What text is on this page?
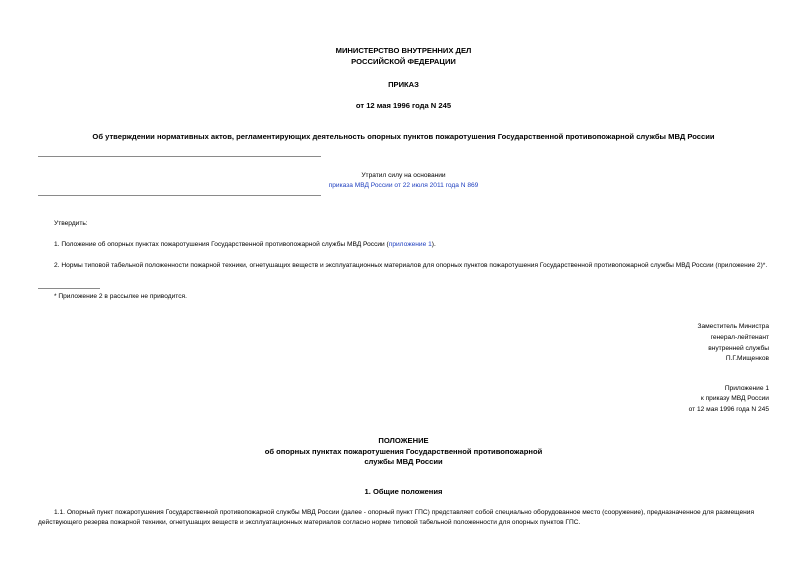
МИНИСТЕРСТВО ВНУТРЕННИХ ДЕЛ
РОССИЙСКОЙ ФЕДЕРАЦИИ
ПРИКАЗ
от 12 мая 1996 года N 245
Об утверждении нормативных актов, регламентирующих деятельность опорных пунктов пожаротушения Государственной противопожарной службы МВД России
Утратил силу на основании
приказа МВД России от 22 июля 2011 года N 869
Утвердить:
1. Положение об опорных пунктах пожаротушения Государственной противопожарной службы МВД России (приложение 1).
2. Нормы типовой табельной положенности пожарной техники, огнетушащих веществ и эксплуатационных материалов для опорных пунктов пожаротушения Государственной противопожарной службы МВД России (приложение 2)*.
* Приложение 2 в рассылке не приводится.
Заместитель Министра
генерал-лейтенант
внутренней службы
П.Г.Мищенков
Приложение 1
к приказу МВД России
от 12 мая 1996 года N 245
ПОЛОЖЕНИЕ
об опорных пунктах пожаротушения Государственной противопожарной
службы МВД России
1. Общие положения
1.1. Опорный пункт пожаротушения Государственной противопожарной службы МВД России (далее - опорный пункт ГПС) представляет собой специально оборудованное место (сооружение), предназначенное для размещения действующего резерва пожарной техники, огнетушащих веществ и эксплуатационных материалов согласно норме типовой табельной положенности для опорных пунктов ГПС.
